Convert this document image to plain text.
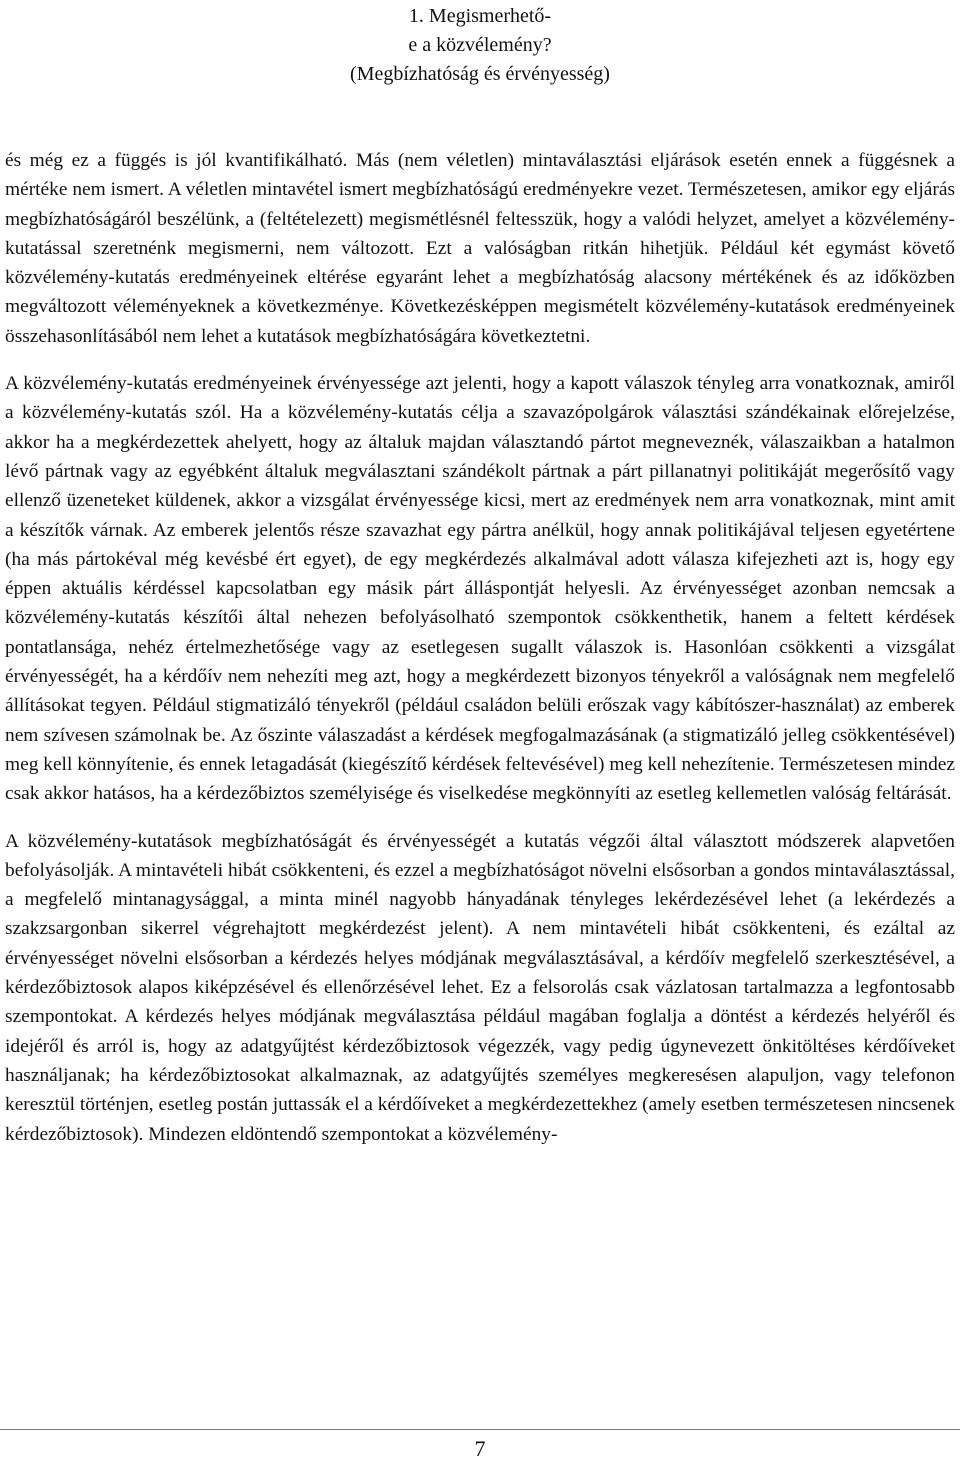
1. Megismerhető-
e a közvélemény?
(Megbízhatóság és érvényesség)

és még ez a függés is jól kvantifikálható. Más (nem véletlen) mintaválasztási eljárások esetén ennek a függésnek a mértéke nem ismert. A véletlen mintavétel ismert megbízhatóságú eredményekre vezet. Természetesen, amikor egy eljárás megbízhatóságáról beszélünk, a (feltételezett) megismétlésnél feltesszük, hogy a valódi helyzet, amelyet a közvélemény-kutatással szeretnénk megismerni, nem változott. Ezt a valóságban ritkán hihetjük. Például két egymást követő közvélemény-kutatás eredményeinek eltérése egyaránt lehet a megbízhatóság alacsony mértékének és az időközben megváltozott véleményeknek a következménye. Következésképpen megismételt közvélemény-kutatások eredményeinek összehasonlításából nem lehet a kutatások megbízhatóságára következtetni.

A közvélemény-kutatás eredményeinek érvényessége azt jelenti, hogy a kapott válaszok tényleg arra vonatkoznak, amiről a közvélemény-kutatás szól. Ha a közvélemény-kutatás célja a szavazópolgárok választási szándékainak előrejelzése, akkor ha a megkérdezettek ahelyett, hogy az általuk majdan választandó pártot megneveznék, válaszaikban a hatalmon lévő pártnak vagy az egyébként általuk megválasztani szándékolt pártnak a párt pillanatnyi politikáját megerősítő vagy ellenző üzeneteket küldenek, akkor a vizsgálat érvényessége kicsi, mert az eredmények nem arra vonatkoznak, mint amit a készítők várnak. Az emberek jelentős része szavazhat egy pártra anélkül, hogy annak politikájával teljesen egyetértene (ha más pártokéval még kevésbé ért egyet), de egy megkérdezés alkalmával adott válasza kifejezheti azt is, hogy egy éppen aktuális kérdéssel kapcsolatban egy másik párt álláspontját helyesli. Az érvényességet azonban nemcsak a közvélemény-kutatás készítői által nehezen befolyásolható szempontok csökkenthetik, hanem a feltett kérdések pontatlansága, nehéz értelmezhetősége vagy az esetlegesen sugallt válaszok is. Hasonlóan csökkenti a vizsgálat érvényességét, ha a kérdőív nem nehezíti meg azt, hogy a megkérdezett bizonyos tényekről a valóságnak nem megfelelő állításokat tegyen. Például stigmatizáló tényekről (például családon belüli erőszak vagy kábítószer-használat) az emberek nem szívesen számolnak be. Az őszinte válaszadást a kérdések megfogalmazásának (a stigmatizáló jelleg csökkentésével) meg kell könnyítenie, és ennek letagadását (kiegészítő kérdések feltevésével) meg kell nehezítenie. Természetesen mindez csak akkor hatásos, ha a kérdezőbiztos személyisége és viselkedése megkönnyíti az esetleg kellemetlen valóság feltárását.

A közvélemény-kutatások megbízhatóságát és érvényességét a kutatás végzői által választott módszerek alapvetően befolyásolják. A mintavételi hibát csökkenteni, és ezzel a megbízhatóságot növelni elsősorban a gondos mintaválasztással, a megfelelő mintanagysággal, a minta minél nagyobb hányadának tényleges lekérdezésével lehet (a lekérdezés a szakzsargonban sikerrel végrehajtott megkérdezést jelent). A nem mintavételi hibát csökkenteni, és ezáltal az érvényességet növelni elsősorban a kérdezés helyes módjának megválasztásával, a kérdőív megfelelő szerkesztésével, a kérdezőbiztosok alapos kiképzésével és ellenőrzésével lehet. Ez a felsorolás csak vázlatosan tartalmazza a legfontosabb szempontokat. A kérdezés helyes módjának megválasztása például magában foglalja a döntést a kérdezés helyéről és idejéről és arról is, hogy az adatgyűjtést kérdezőbiztosok végezzék, vagy pedig úgynevezett önkitöltéses kérdőíveket használjanak; ha kérdezőbiztosokat alkalmaznak, az adatgyűjtés személyes megkeresésen alapuljon, vagy telefonon keresztül történjen, esetleg postán juttassák el a kérdőíveket a megkérdezettekhez (amely esetben természetesen nincsenek kérdezőbiztosok). Mindezen eldöntendő szempontokat a közvélemény-

7
